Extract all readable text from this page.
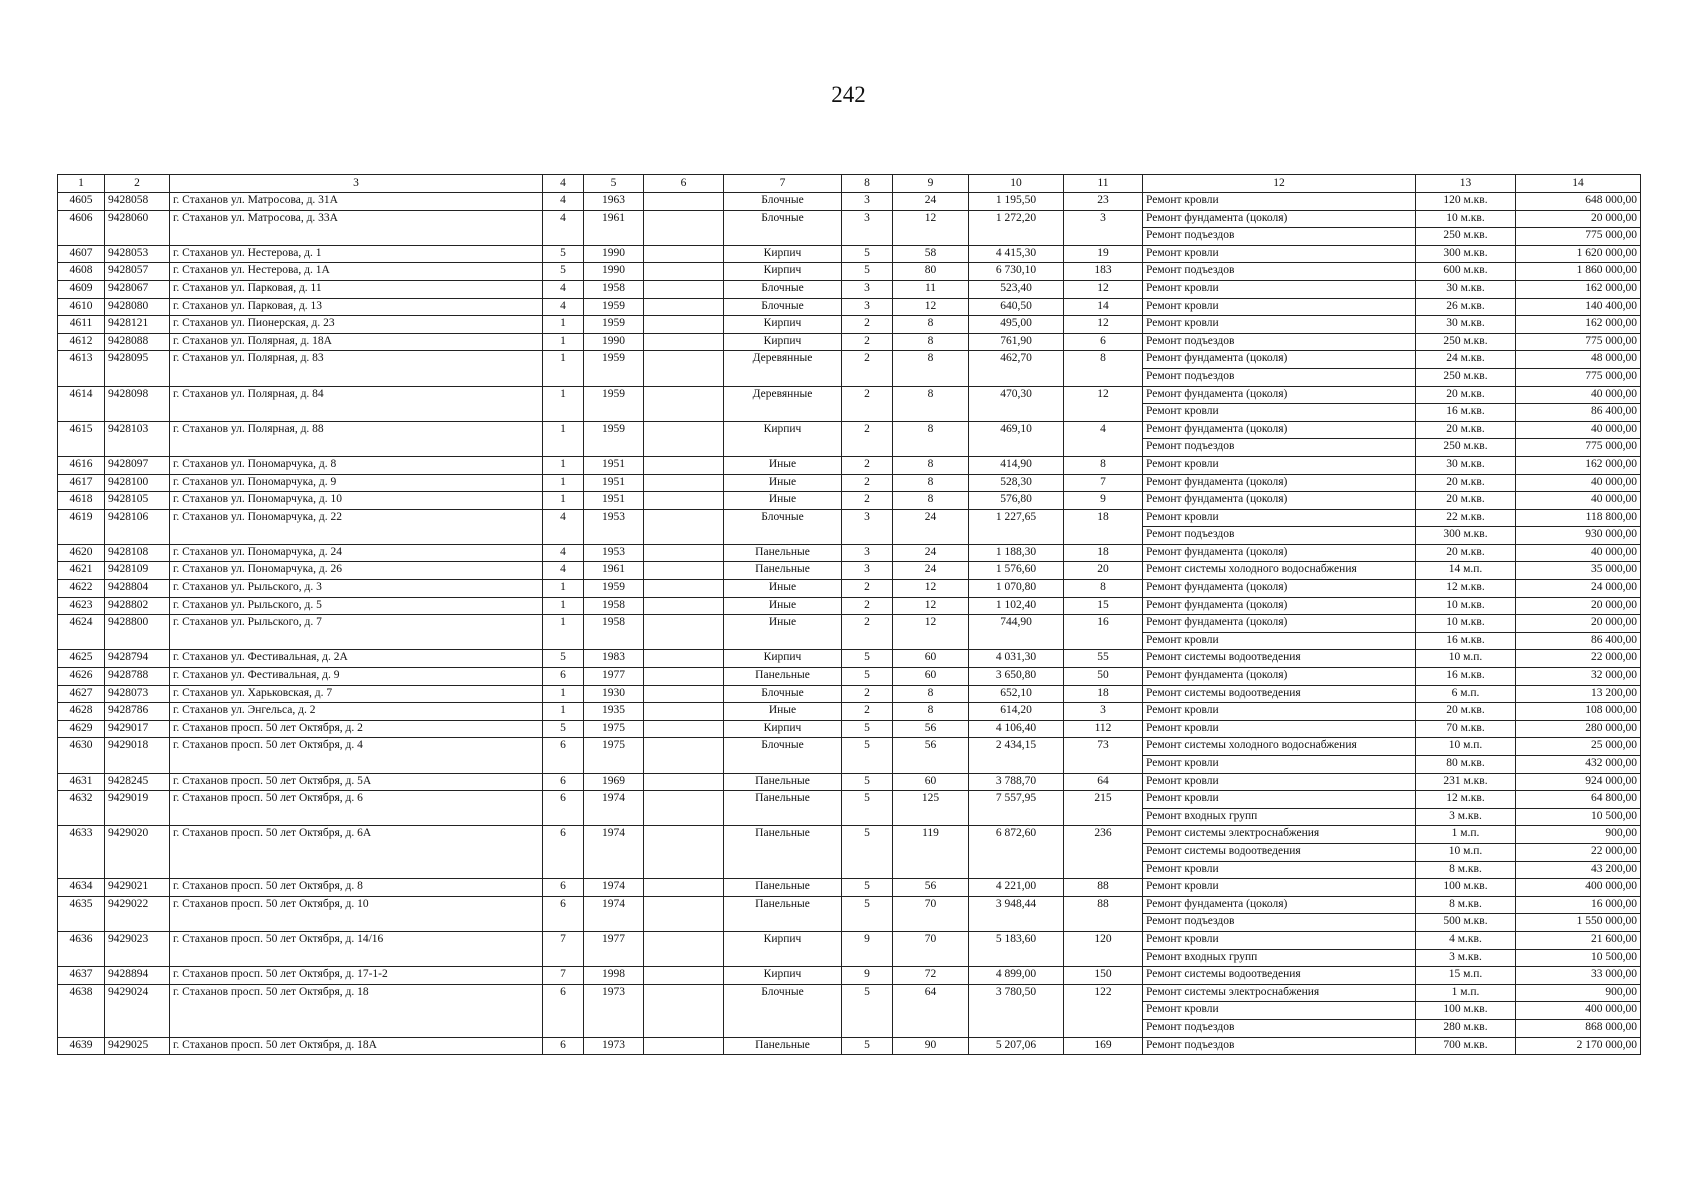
242
1	2	3	4	5	6	7	8	9	10	11	12	13	14
4605	9428058	г. Стаханов ул. Матросова, д. 31А	4	1963		Блочные	3	24	1 195,50	23	Ремонт кровли	120 м.кв.	648 000,00
4606	9428060	г. Стаханов ул. Матросова, д. 33А	4	1961		Блочные	3	12	1 272,20	3	Ремонт фундамента (цоколя)	10 м.кв.	20 000,00
											Ремонт подъездов	250 м.кв.	775 000,00
4607	9428053	г. Стаханов ул. Нестерова, д. 1	5	1990		Кирпич	5	58	4 415,30	19	Ремонт кровли	300 м.кв.	1 620 000,00
4608	9428057	г. Стаханов ул. Нестерова, д. 1А	5	1990		Кирпич	5	80	6 730,10	183	Ремонт подъездов	600 м.кв.	1 860 000,00
4609	9428067	г. Стаханов ул. Парковая, д. 11	4	1958		Блочные	3	11	523,40	12	Ремонт кровли	30 м.кв.	162 000,00
4610	9428080	г. Стаханов ул. Парковая, д. 13	4	1959		Блочные	3	12	640,50	14	Ремонт кровли	26 м.кв.	140 400,00
4611	9428121	г. Стаханов ул. Пионерская, д. 23	1	1959		Кирпич	2	8	495,00	12	Ремонт кровли	30 м.кв.	162 000,00
4612	9428088	г. Стаханов ул. Полярная, д. 18А	1	1990		Кирпич	2	8	761,90	6	Ремонт подъездов	250 м.кв.	775 000,00
4613	9428095	г. Стаханов ул. Полярная, д. 83	1	1959		Деревянные	2	8	462,70	8	Ремонт фундамента (цоколя)	24 м.кв.	48 000,00
											Ремонт подъездов	250 м.кв.	775 000,00
4614	9428098	г. Стаханов ул. Полярная, д. 84	1	1959		Деревянные	2	8	470,30	12	Ремонт фундамента (цоколя)	20 м.кв.	40 000,00
											Ремонт кровли	16 м.кв.	86 400,00
4615	9428103	г. Стаханов ул. Полярная, д. 88	1	1959		Кирпич	2	8	469,10	4	Ремонт фундамента (цоколя)	20 м.кв.	40 000,00
											Ремонт подъездов	250 м.кв.	775 000,00
4616	9428097	г. Стаханов ул. Пономарчука, д. 8	1	1951		Иные	2	8	414,90	8	Ремонт кровли	30 м.кв.	162 000,00
4617	9428100	г. Стаханов ул. Пономарчука, д. 9	1	1951		Иные	2	8	528,30	7	Ремонт фундамента (цоколя)	20 м.кв.	40 000,00
4618	9428105	г. Стаханов ул. Пономарчука, д. 10	1	1951		Иные	2	8	576,80	9	Ремонт фундамента (цоколя)	20 м.кв.	40 000,00
4619	9428106	г. Стаханов ул. Пономарчука, д. 22	4	1953		Блочные	3	24	1 227,65	18	Ремонт кровли	22 м.кв.	118 800,00
											Ремонт подъездов	300 м.кв.	930 000,00
4620	9428108	г. Стаханов ул. Пономарчука, д. 24	4	1953		Панельные	3	24	1 188,30	18	Ремонт фундамента (цоколя)	20 м.кв.	40 000,00
4621	9428109	г. Стаханов ул. Пономарчука, д. 26	4	1961		Панельные	3	24	1 576,60	20	Ремонт системы холодного водоснабжения	14 м.п.	35 000,00
4622	9428804	г. Стаханов ул. Рыльского, д. 3	1	1959		Иные	2	12	1 070,80	8	Ремонт фундамента (цоколя)	12 м.кв.	24 000,00
4623	9428802	г. Стаханов ул. Рыльского, д. 5	1	1958		Иные	2	12	1 102,40	15	Ремонт фундамента (цоколя)	10 м.кв.	20 000,00
4624	9428800	г. Стаханов ул. Рыльского, д. 7	1	1958		Иные	2	12	744,90	16	Ремонт фундамента (цоколя)	10 м.кв.	20 000,00
											Ремонт кровли	16 м.кв.	86 400,00
4625	9428794	г. Стаханов ул. Фестивальная, д. 2А	5	1983		Кирпич	5	60	4 031,30	55	Ремонт системы водоотведения	10 м.п.	22 000,00
4626	9428788	г. Стаханов ул. Фестивальная, д. 9	6	1977		Панельные	5	60	3 650,80	50	Ремонт фундамента (цоколя)	16 м.кв.	32 000,00
4627	9428073	г. Стаханов ул. Харьковская, д. 7	1	1930		Блочные	2	8	652,10	18	Ремонт системы водоотведения	6 м.п.	13 200,00
4628	9428786	г. Стаханов ул. Энгельса, д. 2	1	1935		Иные	2	8	614,20	3	Ремонт кровли	20 м.кв.	108 000,00
4629	9429017	г. Стаханов просп. 50 лет Октября, д. 2	5	1975		Кирпич	5	56	4 106,40	112	Ремонт кровли	70 м.кв.	280 000,00
4630	9429018	г. Стаханов просп. 50 лет Октября, д. 4	6	1975		Блочные	5	56	2 434,15	73	Ремонт системы холодного водоснабжения	10 м.п.	25 000,00
											Ремонт кровли	80 м.кв.	432 000,00
4631	9428245	г. Стаханов просп. 50 лет Октября, д. 5А	6	1969		Панельные	5	60	3 788,70	64	Ремонт кровли	231 м.кв.	924 000,00
4632	9429019	г. Стаханов просп. 50 лет Октября, д. 6	6	1974		Панельные	5	125	7 557,95	215	Ремонт кровли	12 м.кв.	64 800,00
											Ремонт входных групп	3 м.кв.	10 500,00
4633	9429020	г. Стаханов просп. 50 лет Октября, д. 6А	6	1974		Панельные	5	119	6 872,60	236	Ремонт системы электроснабжения	1 м.п.	900,00
											Ремонт системы водоотведения	10 м.п.	22 000,00
											Ремонт кровли	8 м.кв.	43 200,00
4634	9429021	г. Стаханов просп. 50 лет Октября, д. 8	6	1974		Панельные	5	56	4 221,00	88	Ремонт кровли	100 м.кв.	400 000,00
4635	9429022	г. Стаханов просп. 50 лет Октября, д. 10	6	1974		Панельные	5	70	3 948,44	88	Ремонт фундамента (цоколя)	8 м.кв.	16 000,00
											Ремонт подъездов	500 м.кв.	1 550 000,00
4636	9429023	г. Стаханов просп. 50 лет Октября, д. 14/16	7	1977		Кирпич	9	70	5 183,60	120	Ремонт кровли	4 м.кв.	21 600,00
											Ремонт входных групп	3 м.кв.	10 500,00
4637	9428894	г. Стаханов просп. 50 лет Октября, д. 17-1-2	7	1998		Кирпич	9	72	4 899,00	150	Ремонт системы водоотведения	15 м.п.	33 000,00
4638	9429024	г. Стаханов просп. 50 лет Октября, д. 18	6	1973		Блочные	5	64	3 780,50	122	Ремонт системы электроснабжения	1 м.п.	900,00
											Ремонт кровли	100 м.кв.	400 000,00
											Ремонт подъездов	280 м.кв.	868 000,00
4639	9429025	г. Стаханов просп. 50 лет Октября, д. 18А	6	1973		Панельные	5	90	5 207,06	169	Ремонт подъездов	700 м.кв.	2 170 000,00
